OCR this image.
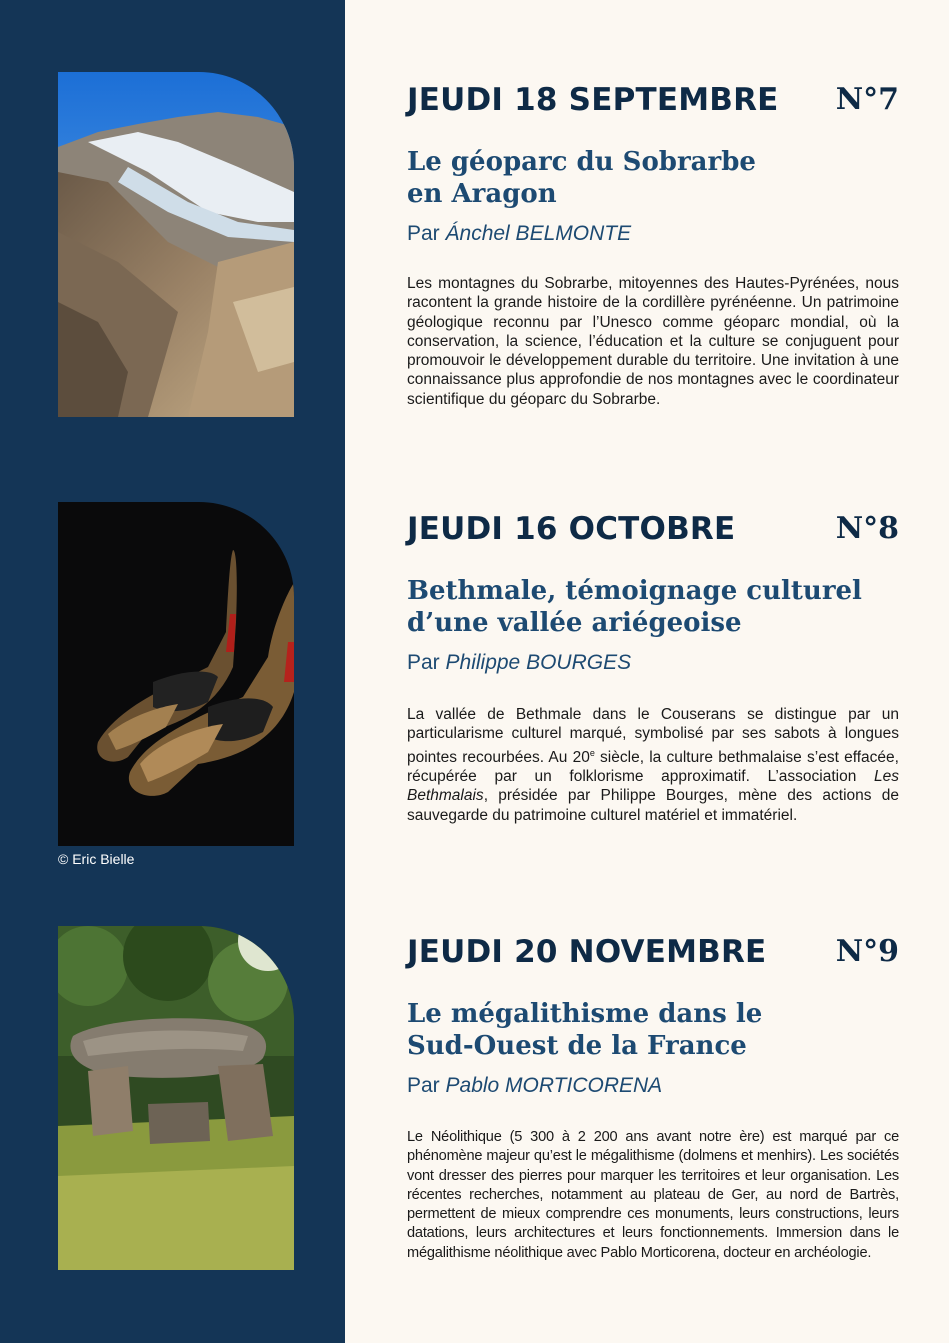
© Eric Bielle
JEUDI 18 SEPTEMBRE N°7
Le géoparc du Sobrarbe
en Aragon
Par Ánchel BELMONTE
Les montagnes du Sobrarbe, mitoyennes des Hautes-Pyrénées, nous racontent la grande histoire de la cordillère pyrénéenne. Un patrimoine géologique reconnu par l’Unesco comme géoparc mondial, où la conservation, la science, l’éducation et la culture se conjuguent pour promouvoir le développement durable du territoire. Une invitation à une connaissance plus approfondie de nos montagnes avec le coordinateur scientifique du géoparc du Sobrarbe.
JEUDI 16 OCTOBRE	N°8
Bethmale, témoignage culturel
d’une vallée ariégeoise
Par Philippe BOURGES
La vallée de Bethmale dans le Couserans se distingue par un particularisme culturel marqué, symbolisé par ses sabots à longues pointes recourbées. Au 20e siècle, la culture bethmalaise s’est effacée, récupérée par un folklorisme approximatif. L’association Les Bethmalais, présidée par Philippe Bourges, mène des actions de sauvegarde du patrimoine culturel matériel et immatériel.
JEUDI 20 NOVEMBRE N°9
Le mégalithisme dans le
Sud-Ouest de la France
Par Pablo MORTICORENA
Le Néolithique (5 300 à 2 200 ans avant notre ère) est marqué par ce phénomène majeur qu’est le mégalithisme (dolmens et menhirs). Les sociétés vont dresser des pierres pour marquer les territoires et leur organisation. Les récentes recherches, notamment au plateau de Ger, au nord de Bartrès, permettent de mieux comprendre ces monuments, leurs constructions, leurs datations, leurs architectures et leurs fonctionnements. Immersion dans le mégalithisme néolithique avec Pablo Morticorena, docteur en archéologie.
